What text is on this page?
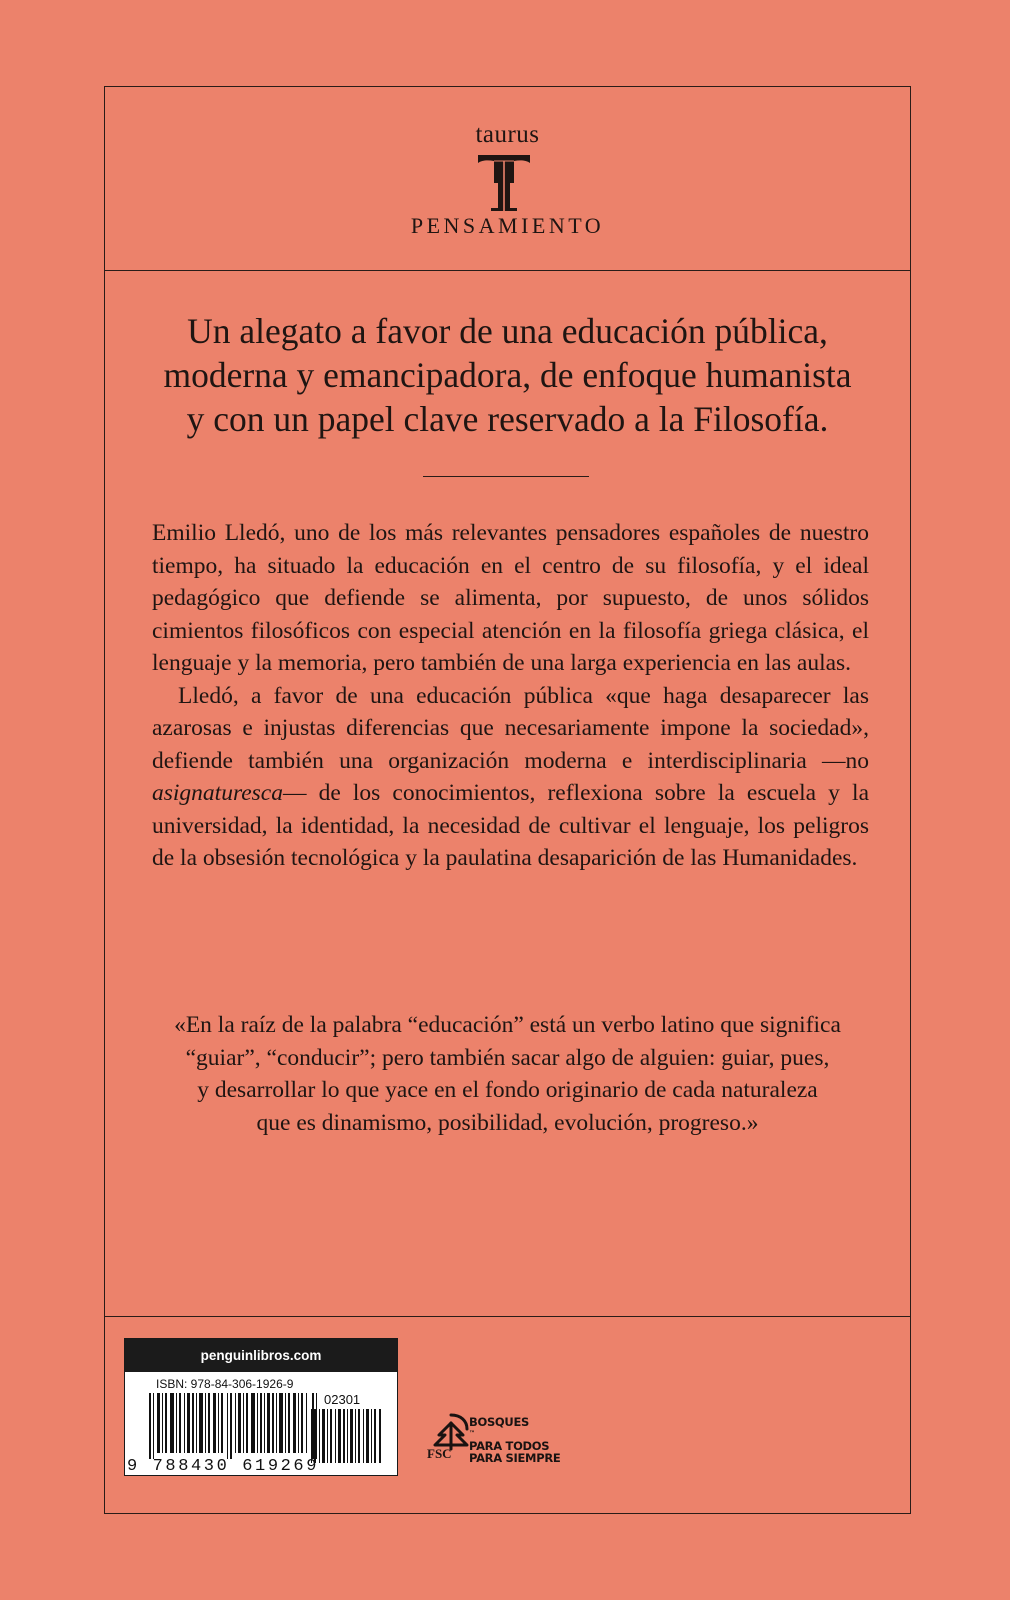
taurus
PENSAMIENTO
Un alegato a favor de una educación pública,
moderna y emancipadora, de enfoque humanista
y con un papel clave reservado a la Filosofía.

Emilio Lledó, uno de los más relevantes pensadores españoles de nuestro tiempo, ha situado la educación en el centro de su filosofía, y el ideal pedagógico que defiende se alimenta, por supuesto, de unos sólidos cimientos filosóficos con especial atención en la filosofía griega clásica, el lenguaje y la memoria, pero también de una larga experiencia en las aulas.

Lledó, a favor de una educación pública «que haga desaparecer las azarosas e injustas diferencias que necesariamente impone la sociedad», defiende también una organización moderna e interdisciplinaria —no asignaturesca— de los conocimientos, reflexiona sobre la escuela y la universidad, la identidad, la necesidad de cultivar el lenguaje, los peligros de la obsesión tecnológica y la paulatina desaparición de las Humanidades.

«En la raíz de la palabra “educación” está un verbo latino que significa
“guiar”, “conducir”; pero también sacar algo de alguien: guiar, pues,
y desarrollar lo que yace en el fondo originario de cada naturaleza
que es dinamismo, posibilidad, evolución, progreso.»
penguinlibros.com
ISBN: 978-84-306-1926-9
02301
9 788430 619269
FSC
BOSQUES
™
PARA TODOS
PARA SIEMPRE
